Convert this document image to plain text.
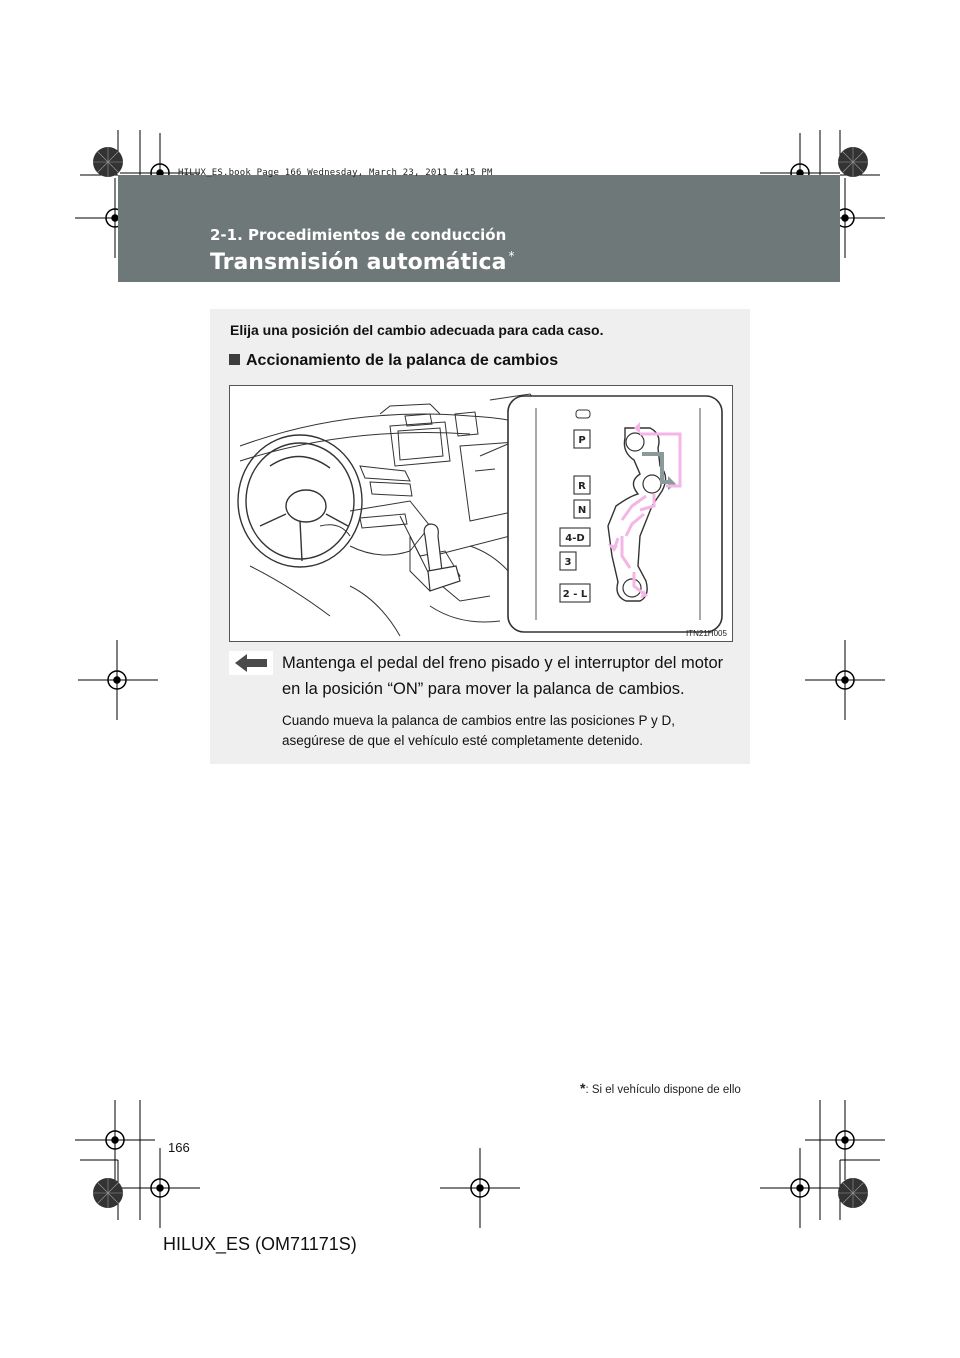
HILUX_ES.book Page 166 Wednesday, March 23, 2011 4:15 PM
2-1. Procedimientos de conducción
Transmisión automática *
Elija una posición del cambio adecuada para cada caso.
Accionamiento de la palanca de cambios
P
R
N
4-D
3
2 - L
ITN21H005
Mantenga el pedal del freno pisado y el interruptor del motor en la posición “ON” para mover la palanca de cambios.
Cuando mueva la palanca de cambios entre las posiciones P y D, asegúrese de que el vehículo esté completamente detenido.
*: Si el vehículo dispone de ello
166
HILUX_ES (OM71171S)
